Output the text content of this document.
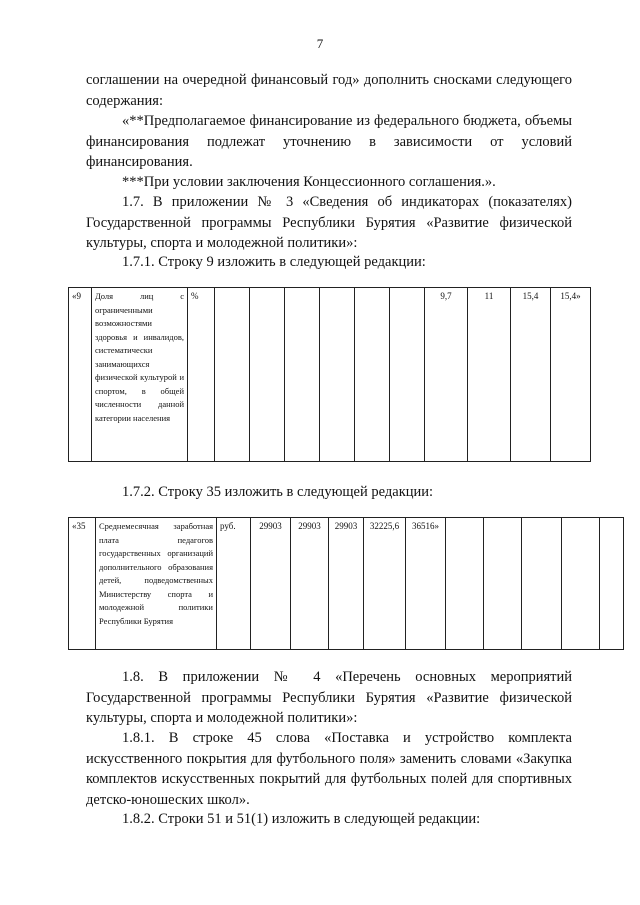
7

соглашении на очередной финансовый год» дополнить сносками следующего содержания:

«**Предполагаемое финансирование из федерального бюджета, объемы финансирования подлежат уточнению в зависимости от условий финансирования.

***При условии заключения Концессионного соглашения.».

1.7. В приложении № 3 «Сведения об индикаторах (показателях) Государственной программы Республики Бурятия «Развитие физической культуры, спорта и молодежной политики»:

1.7.1. Строку 9 изложить в следующей редакции:

«9	Доля лиц с ограниченными возможностями здоровья и инвалидов, систематически занимающихся физической культурой и спортом, в общей численности данной категории населения	%							9,7	11	15,4	15,4»

1.7.2. Строку 35 изложить в следующей редакции:

«35	Среднемесячная заработная плата педагогов государственных организаций дополнительного образования детей, подведомственных Министерству спорта и молодежной политики Республики Бурятия	руб.	29903	29903	29903	32225,6	36516»					

1.8. В приложении № 4 «Перечень основных мероприятий Государственной программы Республики Бурятия «Развитие физической культуры, спорта и молодежной политики»:

1.8.1. В строке 45 слова «Поставка и устройство комплекта искусственного покрытия для футбольного поля» заменить словами «Закупка комплектов искусственных покрытий для футбольных полей для спортивных детско-юношеских школ».

1.8.2. Строки 51 и 51(1) изложить в следующей редакции:
